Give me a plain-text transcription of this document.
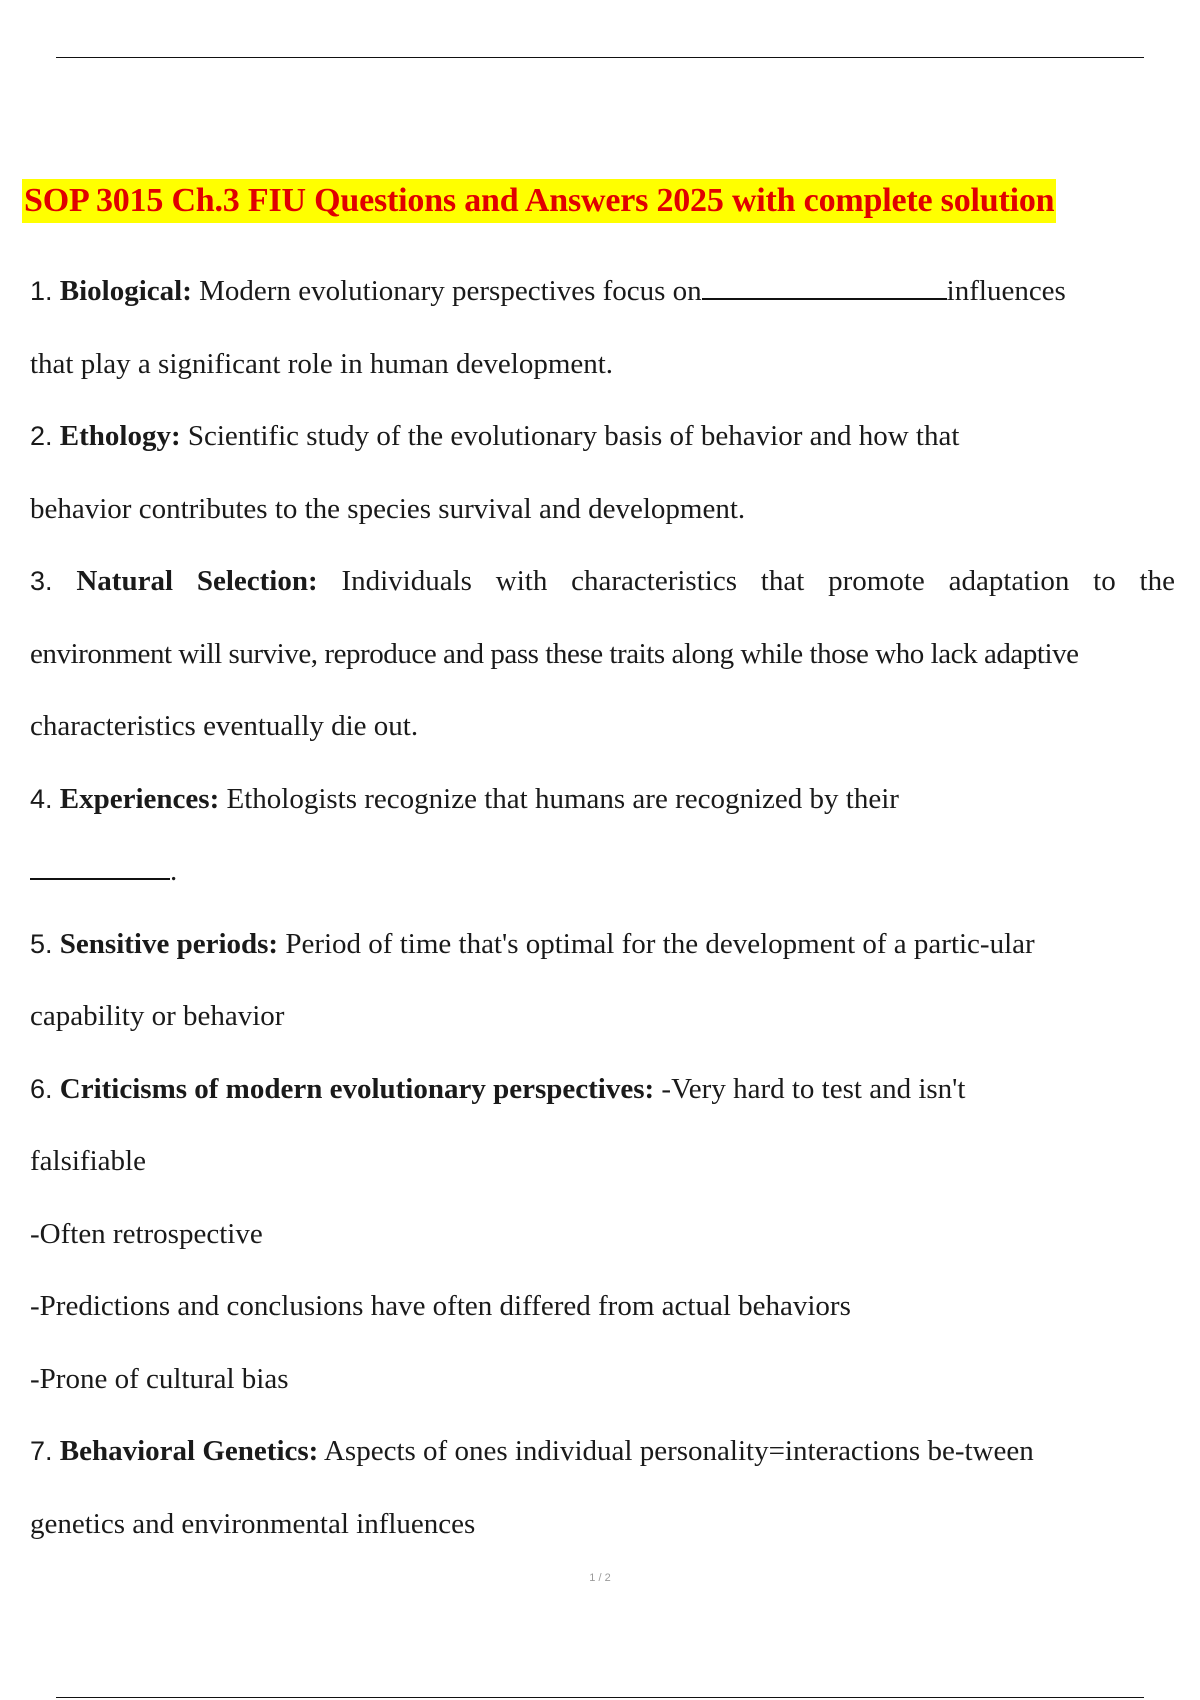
SOP 3015 Ch.3 FIU Questions and Answers 2025 with complete solution

1. Biological: Modern evolutionary perspectives focus on	influences

that play a significant role in human development.

2. Ethology: Scientific study of the evolutionary basis of behavior and how that

behavior contributes to the species survival and development.

3. Natural Selection: Individuals with characteristics that promote adaptation to the

environment will survive, reproduce and pass these traits along while those who lack adaptive

characteristics eventually die out.

4. Experiences: Ethologists recognize that humans are recognized by their

.

5. Sensitive periods: Period of time that's optimal for the development of a partic-ular

capability or behavior

6. Criticisms of modern evolutionary perspectives: -Very hard to test and isn't

falsifiable

-Often retrospective

-Predictions and conclusions have often differed from actual behaviors

-Prone of cultural bias

7. Behavioral Genetics: Aspects of ones individual personality=interactions be-tween

genetics and environmental influences

1 / 2
